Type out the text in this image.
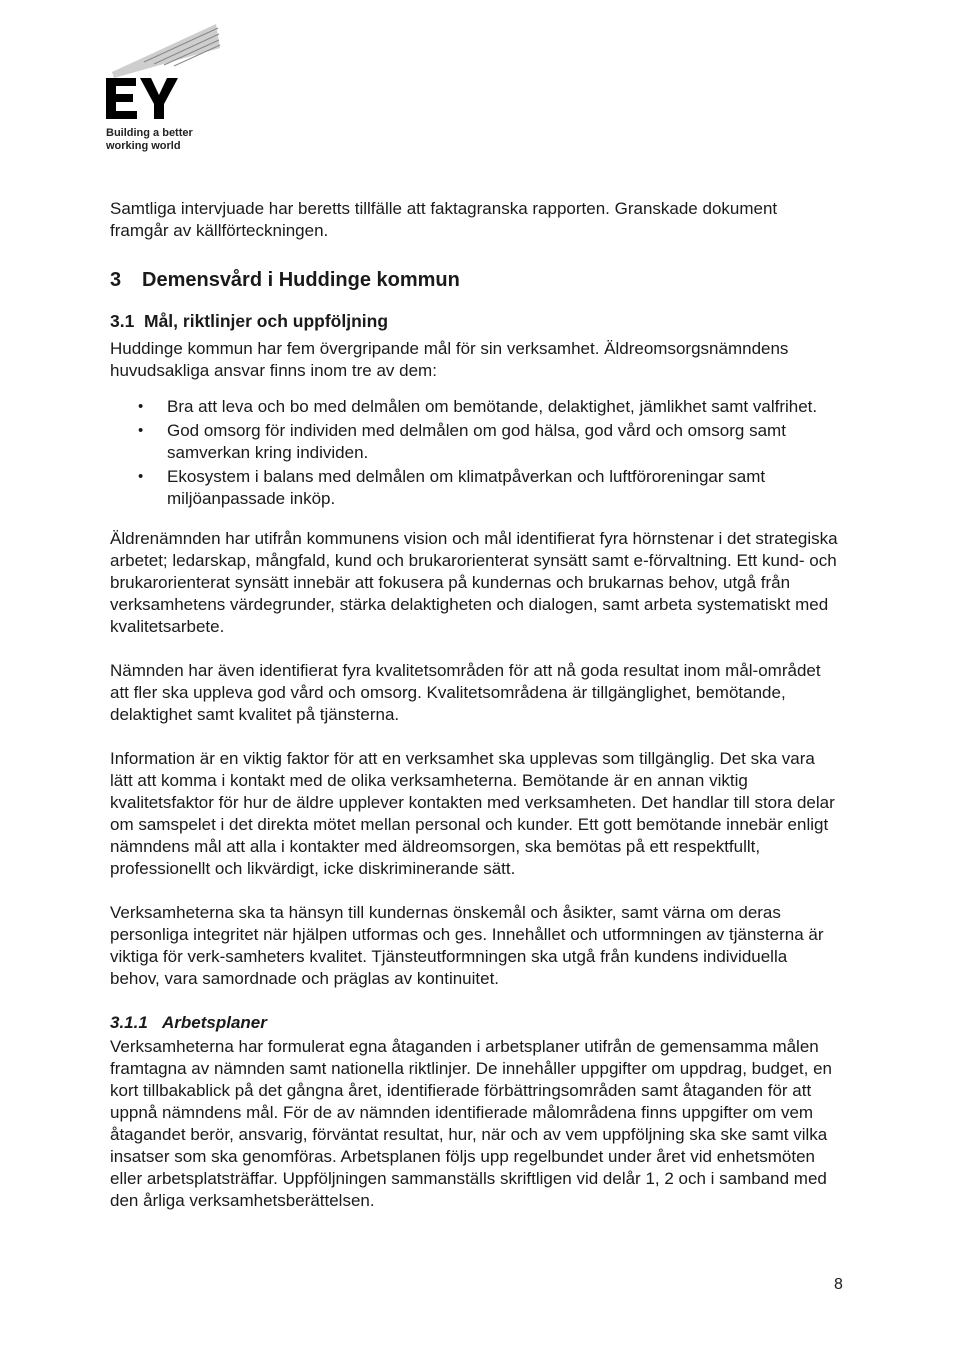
Building a better
working world

Samtliga intervjuade har beretts tillfälle att faktagranska rapporten. Granskade dokument framgår av källförteckningen.

3 Demensvård i Huddinge kommun
3.1 Mål, riktlinjer och uppföljning

Huddinge kommun har fem övergripande mål för sin verksamhet. Äldreomsorgsnämndens huvudsakliga ansvar finns inom tre av dem:

• Bra att leva och bo med delmålen om bemötande, delaktighet, jämlikhet samt valfrihet.
• God omsorg för individen med delmålen om god hälsa, god vård och omsorg samt samverkan kring individen.
• Ekosystem i balans med delmålen om klimatpåverkan och luftföroreningar samt miljöanpassade inköp.

Äldrenämnden har utifrån kommunens vision och mål identifierat fyra hörnstenar i det strategiska arbetet; ledarskap, mångfald, kund och brukarorienterat synsätt samt e-förvaltning. Ett kund- och brukarorienterat synsätt innebär att fokusera på kundernas och brukarnas behov, utgå från verksamhetens värdegrunder, stärka delaktigheten och dialogen, samt arbeta systematiskt med kvalitetsarbete.

Nämnden har även identifierat fyra kvalitetsområden för att nå goda resultat inom mål-området att fler ska uppleva god vård och omsorg. Kvalitetsområdena är tillgänglighet, bemötande, delaktighet samt kvalitet på tjänsterna.

Information är en viktig faktor för att en verksamhet ska upplevas som tillgänglig. Det ska vara lätt att komma i kontakt med de olika verksamheterna. Bemötande är en annan viktig kvalitetsfaktor för hur de äldre upplever kontakten med verksamheten. Det handlar till stora delar om samspelet i det direkta mötet mellan personal och kunder. Ett gott bemötande innebär enligt nämndens mål att alla i kontakter med äldreomsorgen, ska bemötas på ett respektfullt, professionellt och likvärdigt, icke diskriminerande sätt.

Verksamheterna ska ta hänsyn till kundernas önskemål och åsikter, samt värna om deras personliga integritet när hjälpen utformas och ges. Innehållet och utformningen av tjänsterna är viktiga för verk-samheters kvalitet. Tjänsteutformningen ska utgå från kundens individuella behov, vara samordnade och präglas av kontinuitet.

3.1.1 Arbetsplaner

Verksamheterna har formulerat egna åtaganden i arbetsplaner utifrån de gemensamma målen framtagna av nämnden samt nationella riktlinjer. De innehåller uppgifter om uppdrag, budget, en kort tillbakablick på det gångna året, identifierade förbättringsområden samt åtaganden för att uppnå nämndens mål. För de av nämnden identifierade målområdena finns uppgifter om vem åtagandet berör, ansvarig, förväntat resultat, hur, när och av vem uppföljning ska ske samt vilka insatser som ska genomföras. Arbetsplanen följs upp regelbundet under året vid enhetsmöten eller arbetsplatsträffar. Uppföljningen sammanställs skriftligen vid delår 1, 2 och i samband med den årliga verksamhetsberättelsen.

8
